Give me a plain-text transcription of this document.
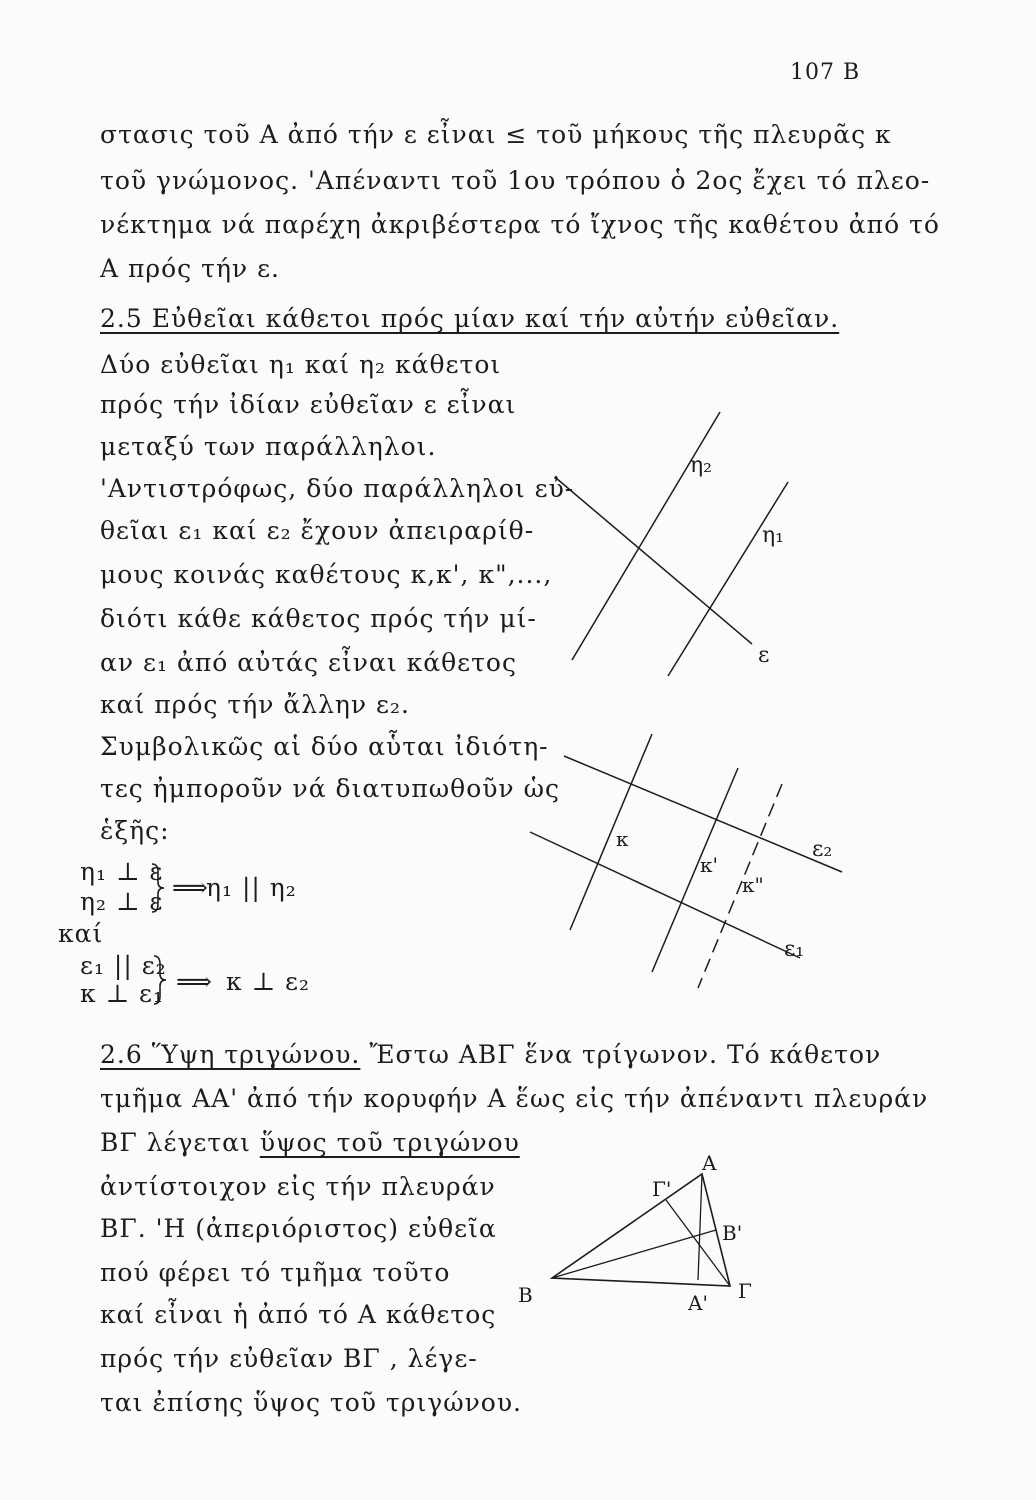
107 Β
στασις τοῦ Α ἀπό τήν ε εἶναι ≤ τοῦ μήκους τῆς πλευρᾶς κ
τοῦ γνώμονος. 'Απέναντι τοῦ 1ου τρόπου ὁ 2ος ἔχει τό πλεο-
νέκτημα νά παρέχη ἀκριβέστερα τό ἴχνος τῆς καθέτου ἀπό τό
Α πρός τήν ε.
2.5 Εὐθεῖαι κάθετοι πρός μίαν καί τήν αὐτήν εὐθεῖαν.
Δύο εὐθεῖαι η₁ καί η₂ κάθετοι
πρός τήν ἰδίαν εὐθεῖαν ε εἶναι
μεταξύ των παράλληλοι.
'Αντιστρόφως, δύο παράλληλοι εὐ-
θεῖαι ε₁ καί ε₂ ἔχουν ἀπειραρίθ-
μους κοινάς καθέτους κ,κ', κ",...,
διότι κάθε κάθετος πρός τήν μί-
αν ε₁ ἀπό αὐτάς εἶναι κάθετος
καί πρός τήν ἄλλην ε₂.
Συμβολικῶς αἱ δύο αὗται ἰδιότη-
τες ἠμποροῦν νά διατυπωθοῦν ὡς
ἑξῆς:
η₁ ⊥ ε
η₂ ⊥ ε ⟹
η₁ || η₂
καί
ε₁ || ε₂
κ ⊥ ε₁ ⟹ κ ⊥ ε₂
2.6 Ὕψη τριγώνου. Ἔστω ΑΒΓ ἕνα τρίγωνον. Τό κάθετον
τμῆμα ΑΑ' ἀπό τήν κορυφήν Α ἕως εἰς τήν ἀπέναντι πλευράν
ΒΓ λέγεται ὕψος τοῦ τριγώνου
ἀντίστοιχον εἰς τήν πλευράν
ΒΓ. 'Η (ἀπεριόριστος) εὐθεῖα
πού φέρει τό τμῆμα τοῦτο
καί εἶναι ἡ ἀπό τό Α κάθετος
πρός τήν εὐθεῖαν ΒΓ , λέγε-
ται ἐπίσης ὕψος τοῦ τριγώνου.
η₂
η₁
ε
κ
κ'
κ"
ε₂
ε₁
Α
Β	Γ
Γ'
Β'
Α'
